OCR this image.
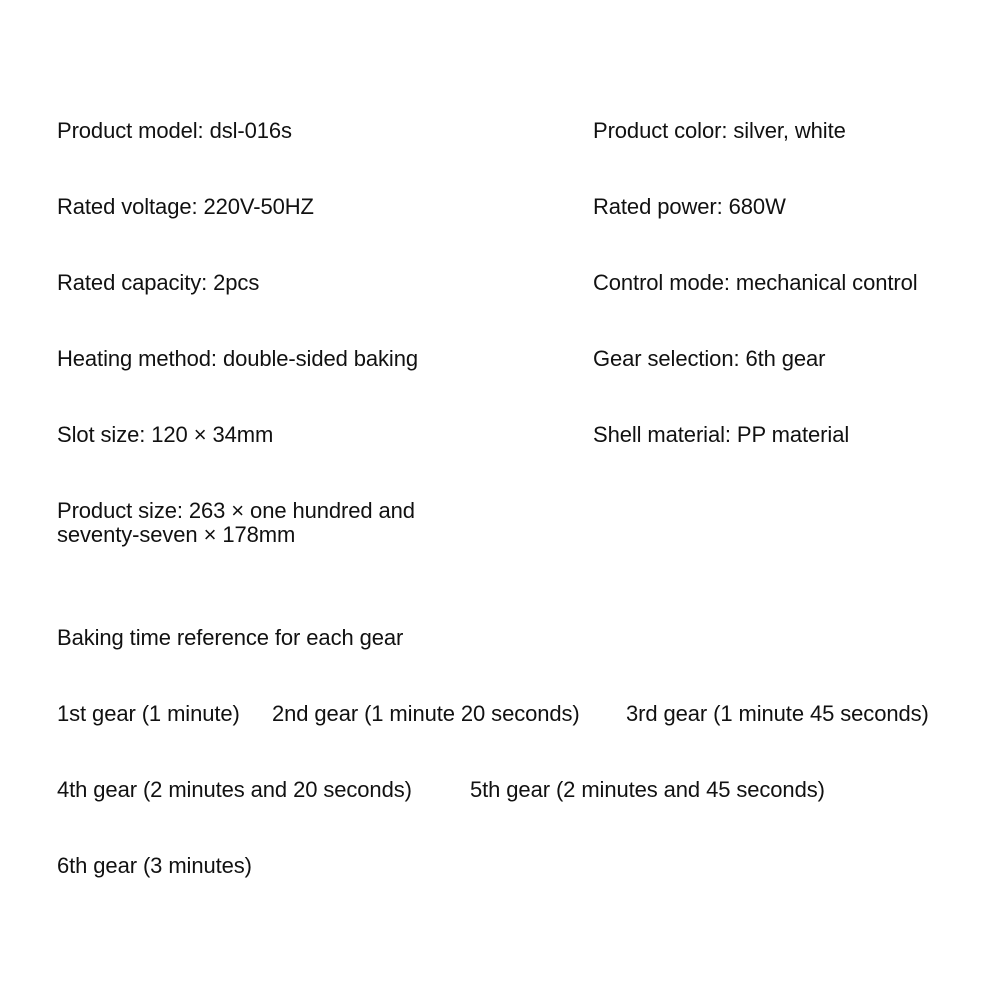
Product model: dsl-016s
Rated voltage: 220V-50HZ
Rated capacity: 2pcs
Heating method: double-sided baking
Slot size: 120 × 34mm
Product size: 263 × one hundred and seventy-seven × 178mm
Product color: silver, white
Rated power: 680W
Control mode: mechanical control
Gear selection: 6th gear
Shell material: PP material
Baking time reference for each gear
1st gear (1 minute) 2nd gear (1 minute 20 seconds) 3rd gear (1 minute 45 seconds)
4th gear (2 minutes and 20 seconds)	5th gear (2 minutes and 45 seconds)
6th gear (3 minutes)
